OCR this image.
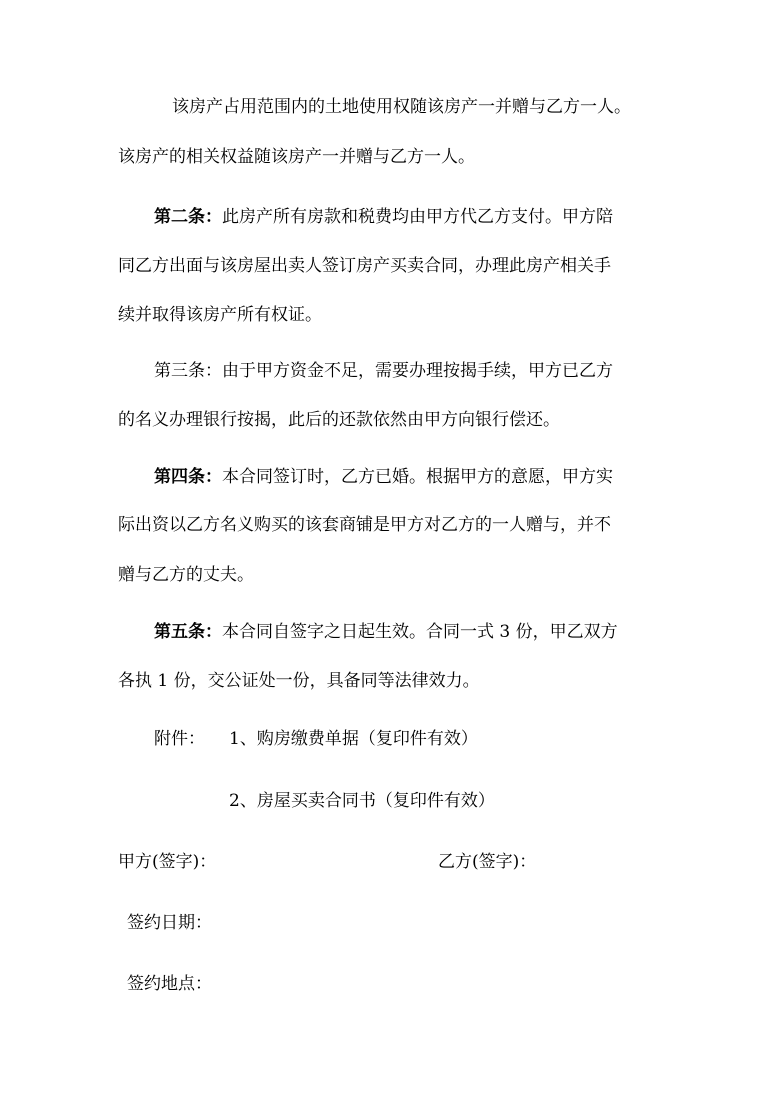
该房产占用范围内的土地使用权随该房产一并赠与乙方一人。

该房产的相关权益随该房产一并赠与乙方一人。

第二条：此房产所有房款和税费均由甲方代乙方支付。甲方陪

同乙方出面与该房屋出卖人签订房产买卖合同，办理此房产相关手

续并取得该房产所有权证。

第三条：由于甲方资金不足，需要办理按揭手续，甲方已乙方

的名义办理银行按揭，此后的还款依然由甲方向银行偿还。

第四条：本合同签订时，乙方已婚。根据甲方的意愿，甲方实

际出资以乙方名义购买的该套商铺是甲方对乙方的一人赠与，并不

赠与乙方的丈夫。

第五条：本合同自签字之日起生效。合同一式 3 份，甲乙双方

各执 1 份，交公证处一份，具备同等法律效力。

附件： 1、购房缴费单据（复印件有效）

2、房屋买卖合同书（复印件有效）

甲方(签字)：	乙方(签字)：

签约日期：

签约地点：
